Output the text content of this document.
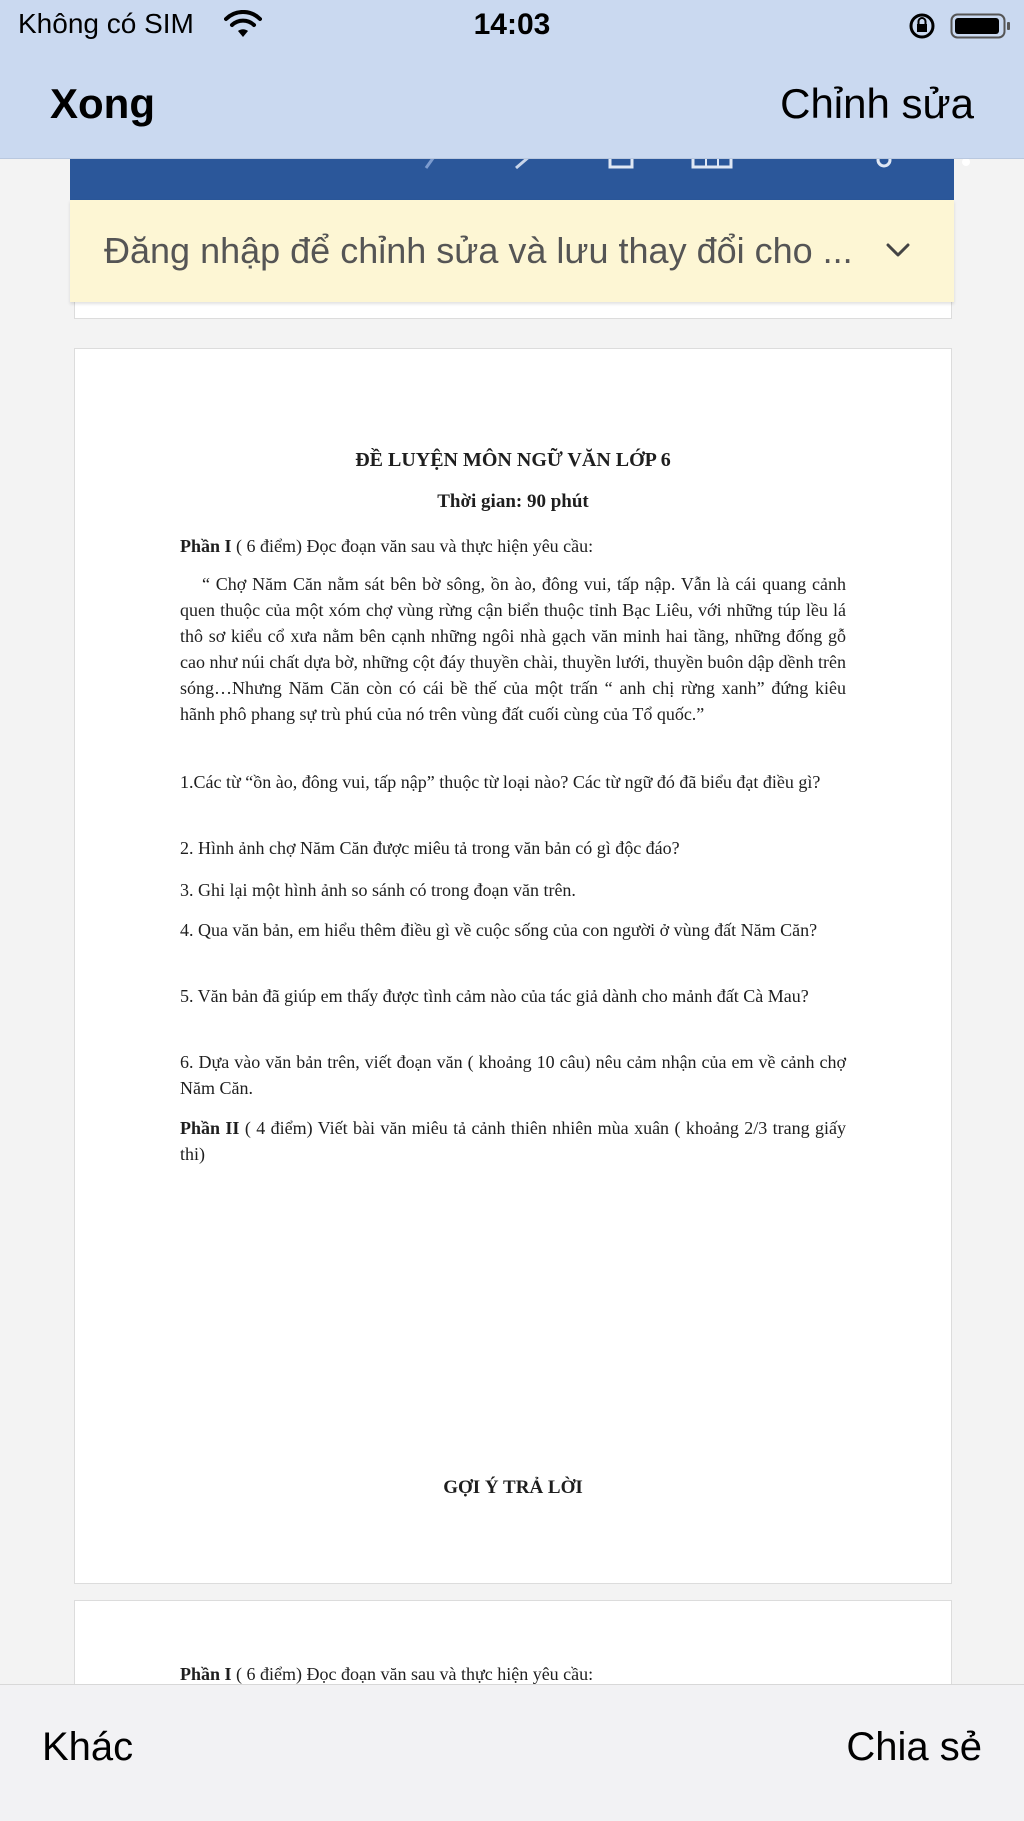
Không có SIM	14:03
Xong	Chỉnh sửa
Đăng nhập để chỉnh sửa và lưu thay đổi cho ...
ĐỀ LUYỆN MÔN NGỮ VĂN LỚP 6
Thời gian: 90 phút
Phần I ( 6 điểm) Đọc đoạn văn sau và thực hiện yêu cầu:
“ Chợ Năm Căn nằm sát bên bờ sông, ồn ào, đông vui, tấp nập. Vẫn là cái quang cảnh quen thuộc của một xóm chợ vùng rừng cận biển thuộc tỉnh Bạc Liêu, với những túp lều lá thô sơ kiểu cổ xưa nằm bên cạnh những ngôi nhà gạch văn minh hai tầng, những đống gỗ cao như núi chất dựa bờ, những cột đáy thuyền chài, thuyền lưới, thuyền buôn dập dềnh trên sóng…Nhưng Năm Căn còn có cái bề thế của một trấn “ anh chị rừng xanh” đứng kiêu hãnh phô phang sự trù phú của nó trên vùng đất cuối cùng của Tổ quốc.”
1.Các từ “ồn ào, đông vui, tấp nập” thuộc từ loại nào? Các từ ngữ đó đã biểu đạt điều gì?
2. Hình ảnh chợ Năm Căn được miêu tả trong văn bản có gì độc đáo?
3. Ghi lại một hình ảnh so sánh có trong đoạn văn trên.
4. Qua văn bản, em hiểu thêm điều gì về cuộc sống của con người ở vùng đất Năm Căn?
5. Văn bản đã giúp em thấy được tình cảm nào của tác giả dành cho mảnh đất Cà Mau?
6. Dựa vào văn bản trên, viết đoạn văn ( khoảng 10 câu) nêu cảm nhận của em về cảnh chợ Năm Căn.
Phần II ( 4 điểm) Viết bài văn miêu tả cảnh thiên nhiên mùa xuân ( khoảng 2/3 trang giấy thi)
GỢI Ý TRẢ LỜI
Phần I ( 6 điểm) Đọc đoạn văn sau và thực hiện yêu cầu:
Khác	Chia sẻ
